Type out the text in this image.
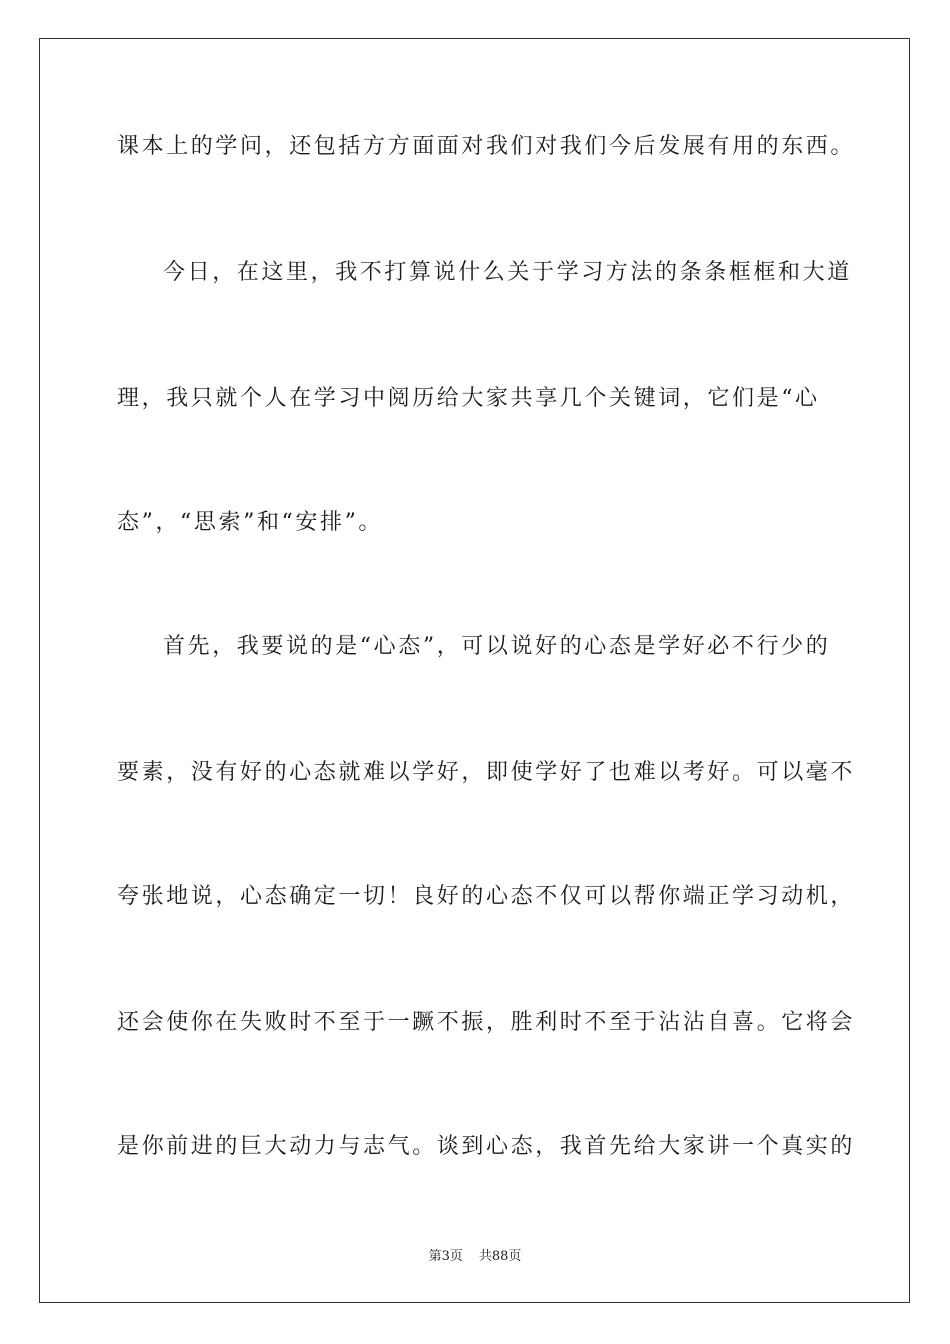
课本上的学问，还包括方方面面对我们对我们今后发展有用的东西。
今日，在这里，我不打算说什么关于学习方法的条条框框和大道
理，我只就个人在学习中阅历给大家共享几个关键词，它们是“心
态”，“思索”和“安排”。
首先，我要说的是“心态”，可以说好的心态是学好必不行少的
要素，没有好的心态就难以学好，即使学好了也难以考好。可以毫不
夸张地说，心态确定一切！良好的心态不仅可以帮你端正学习动机，
还会使你在失败时不至于一蹶不振，胜利时不至于沾沾自喜。它将会
是你前进的巨大动力与志气。谈到心态，我首先给大家讲一个真实的
第3页 共88页
